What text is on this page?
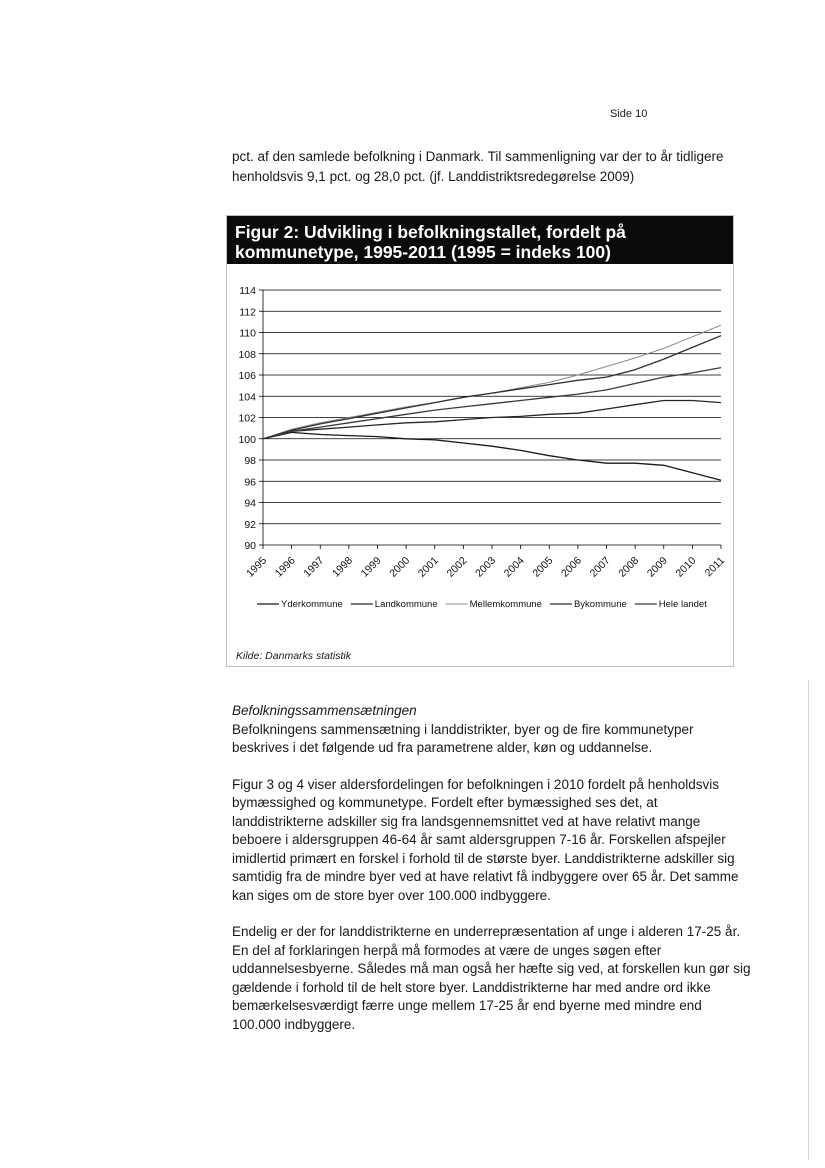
Side 10
pct. af den samlede befolkning i Danmark. Til sammenligning var der to år tidligere henholdsvis 9,1 pct. og 28,0 pct. (jf. Landdistriktsredegørelse 2009)
Figur 2: Udvikling i befolkningstallet, fordelt på kommunetype, 1995-2011 (1995 = indeks 100)
90
92
94
96
98
100
102
104
106
108
110
112
114
1995 1996 1997 1998 1999 2000 2001 2002 2003 2004 2005 2006 2007 2008 2009 2010 2011
Yderkommune	Landkommune	Mellemkommune	Bykommune	Hele landet
Kilde: Danmarks statistik

Befolkningssammensætningen
Befolkningens sammensætning i landdistrikter, byer og de fire kommunetyper beskrives i det følgende ud fra parametrene alder, køn og uddannelse.

Figur 3 og 4 viser aldersfordelingen for befolkningen i 2010 fordelt på henholdsvis bymæssighed og kommunetype. Fordelt efter bymæssighed ses det, at landdistrikterne adskiller sig fra landsgennemsnittet ved at have relativt mange beboere i aldersgruppen 46-64 år samt aldersgruppen 7-16 år. Forskellen afspejler imidlertid primært en forskel i forhold til de største byer. Landdistrikterne adskiller sig samtidig fra de mindre byer ved at have relativt få indbyggere over 65 år. Det samme kan siges om de store byer over 100.000 indbyggere.

Endelig er der for landdistrikterne en underrepræsentation af unge i alderen 17-25 år. En del af forklaringen herpå må formodes at være de unges søgen efter uddannelsesbyerne. Således må man også her hæfte sig ved, at forskellen kun gør sig gældende i forhold til de helt store byer. Landdistrikterne har med andre ord ikke bemærkelsesværdigt færre unge mellem 17-25 år end byerne med mindre end 100.000 indbyggere.
